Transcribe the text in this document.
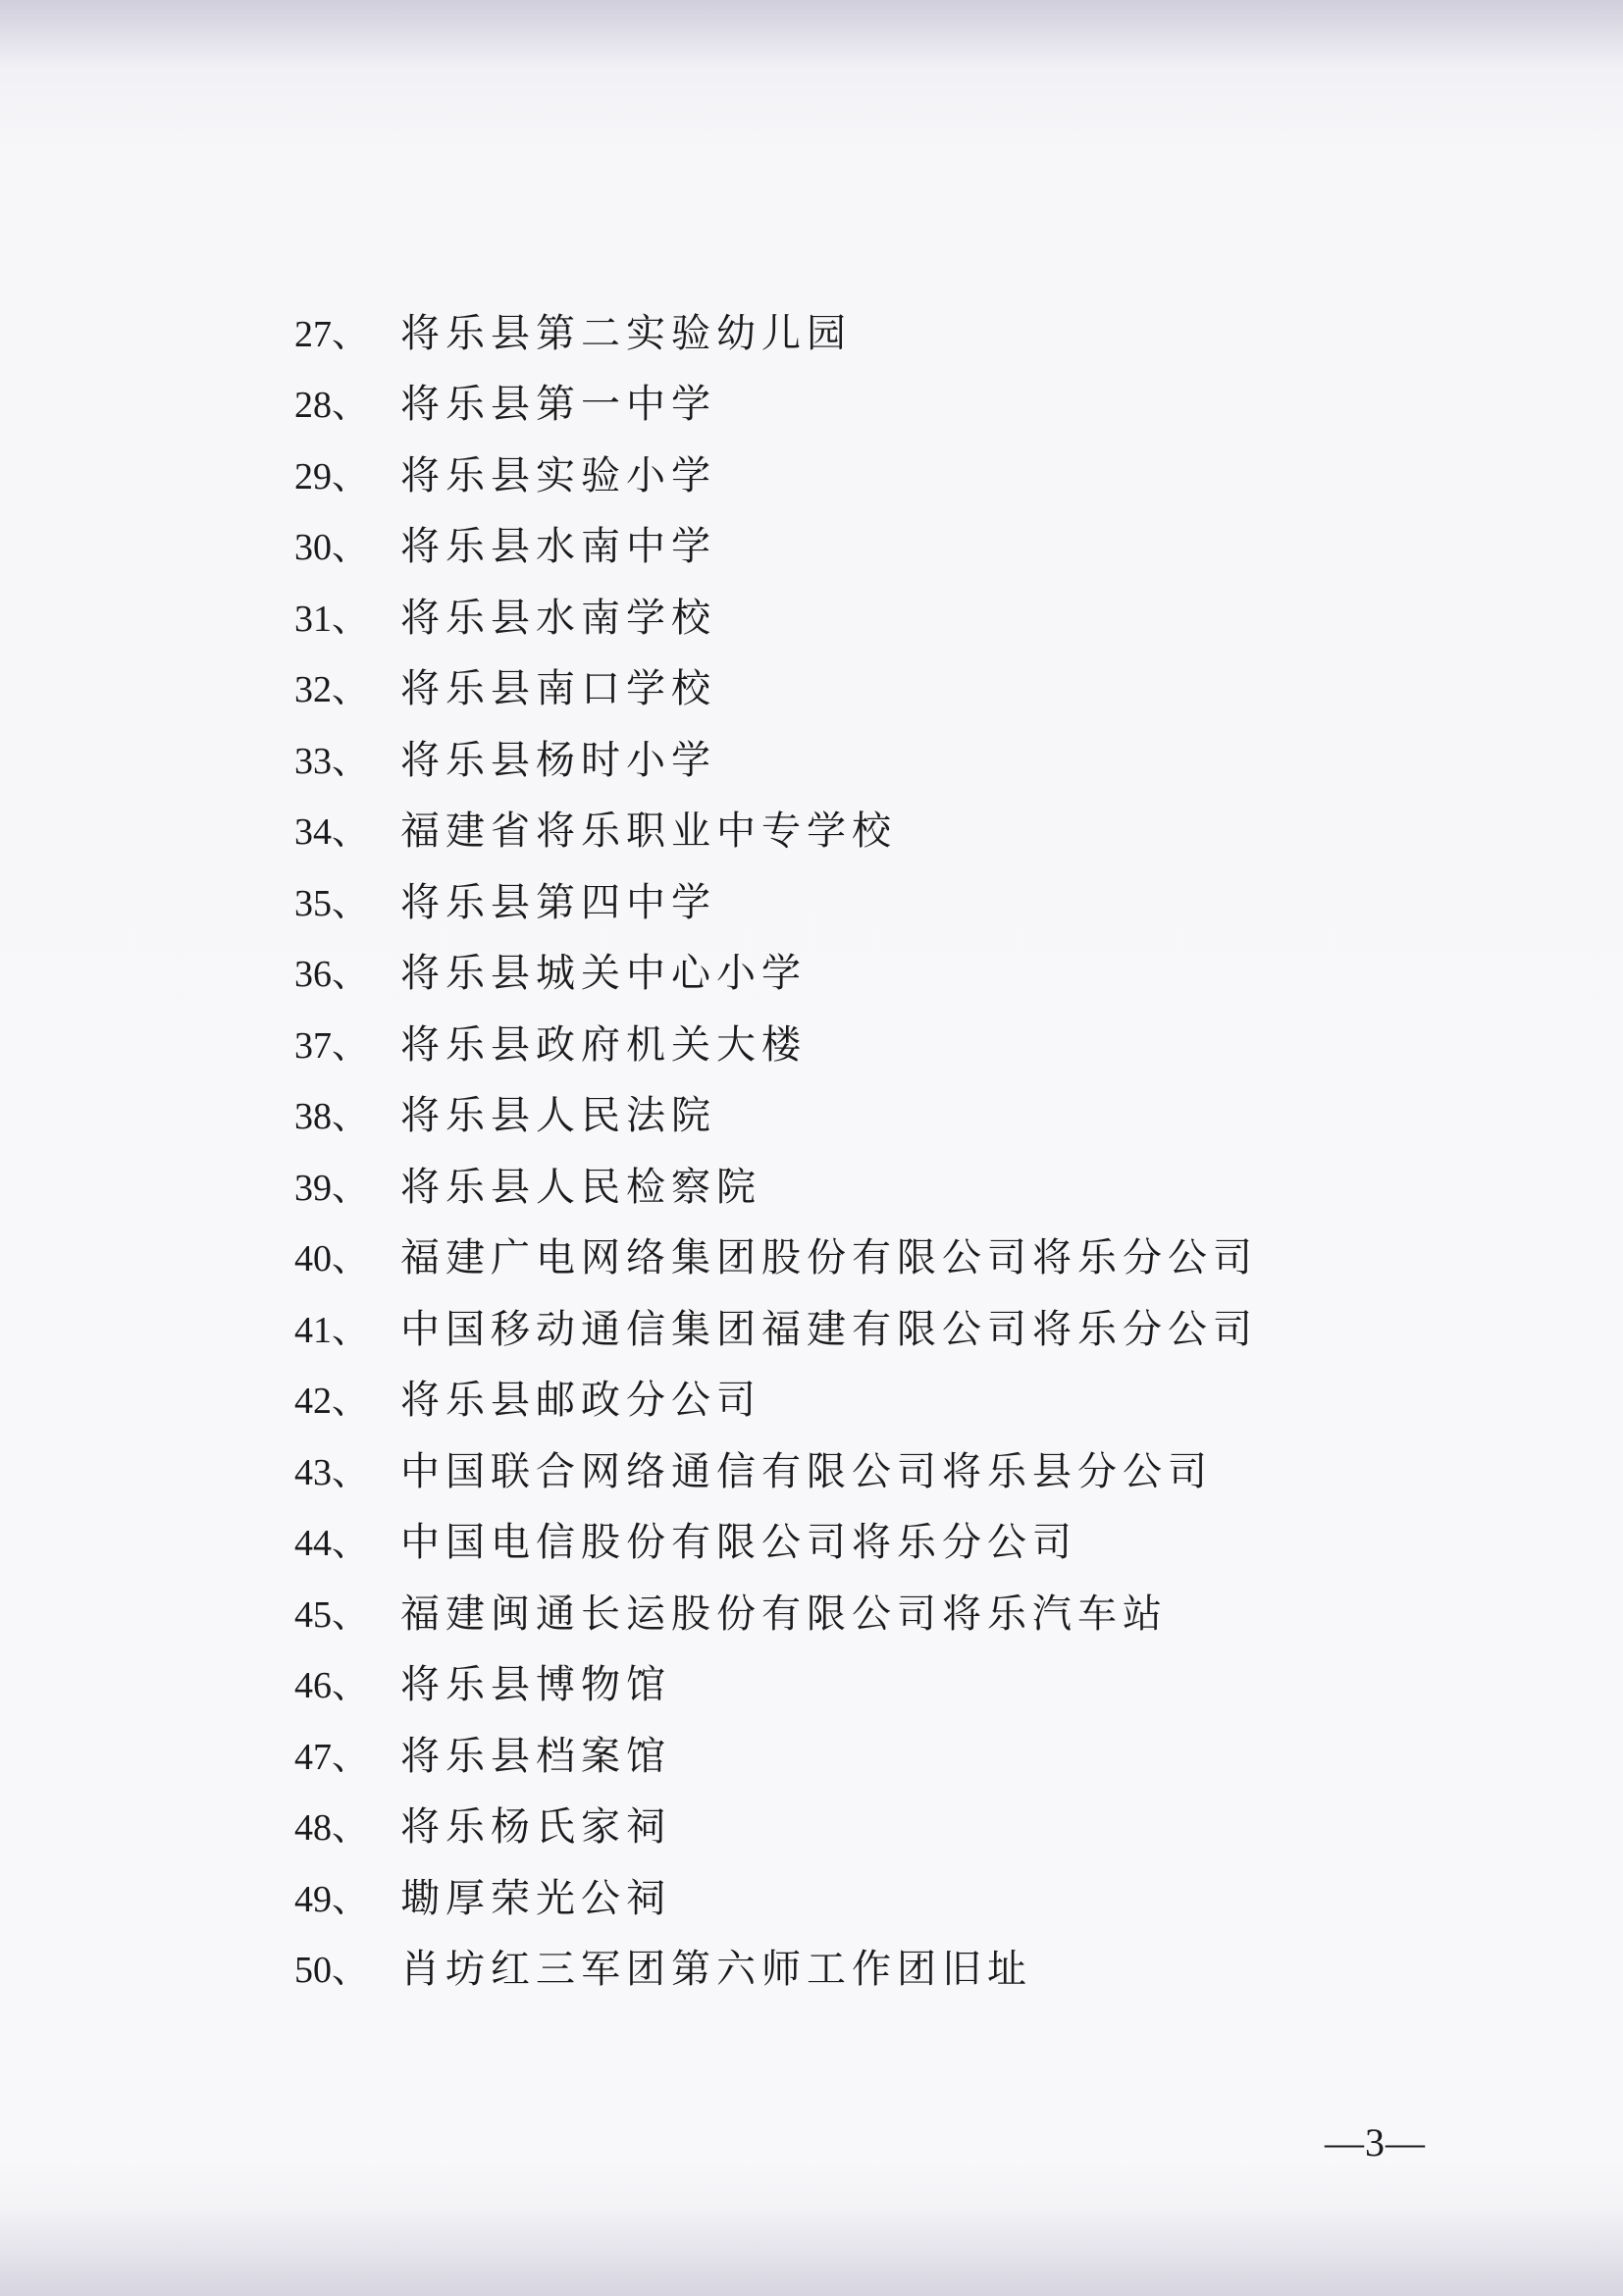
27、 将乐县第二实验幼儿园
28、 将乐县第一中学
29、 将乐县实验小学
30、 将乐县水南中学
31、 将乐县水南学校
32、 将乐县南口学校
33、 将乐县杨时小学
34、 福建省将乐职业中专学校
35、 将乐县第四中学
36、 将乐县城关中心小学
37、 将乐县政府机关大楼
38、 将乐县人民法院
39、 将乐县人民检察院
40、 福建广电网络集团股份有限公司将乐分公司
41、 中国移动通信集团福建有限公司将乐分公司
42、 将乐县邮政分公司
43、 中国联合网络通信有限公司将乐县分公司
44、 中国电信股份有限公司将乐分公司
45、 福建闽通长运股份有限公司将乐汽车站
46、 将乐县博物馆
47、 将乐县档案馆
48、 将乐杨氏家祠
49、 墈厚荣光公祠
50、 肖坊红三军团第六师工作团旧址
—3—
